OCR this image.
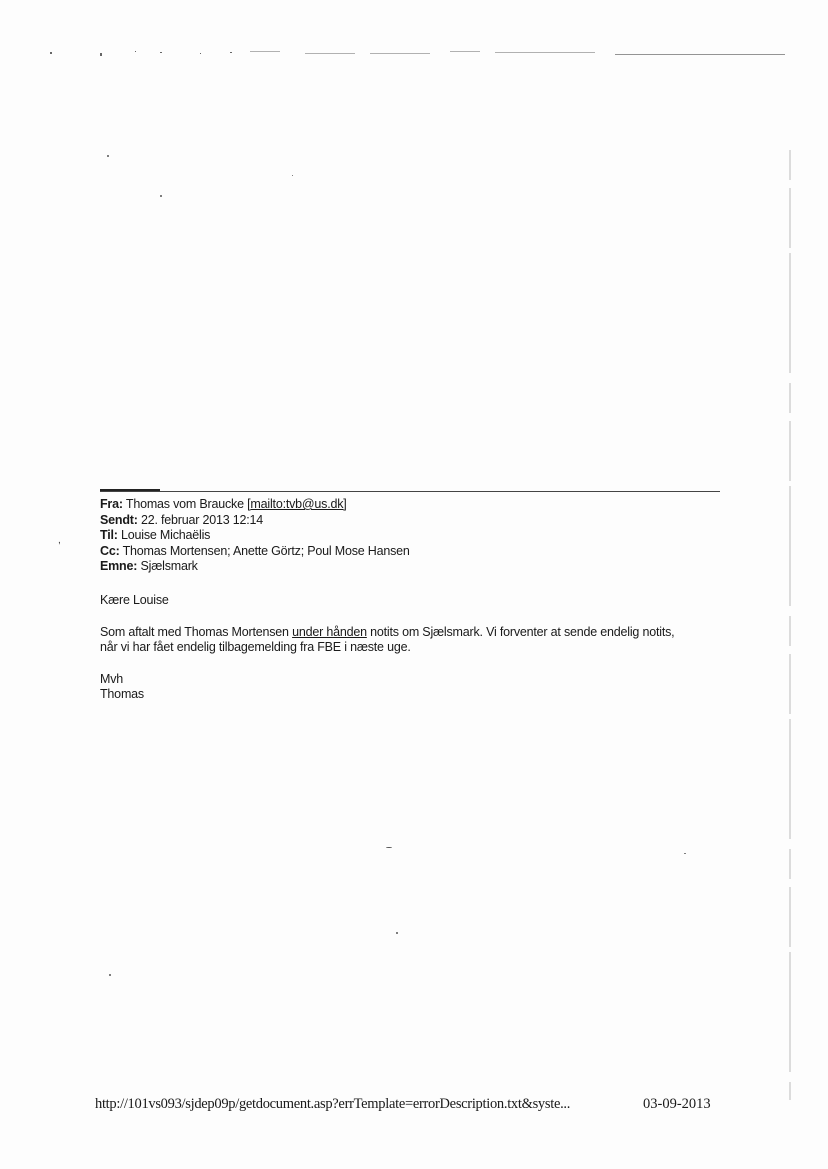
,
Fra: Thomas vom Braucke [mailto:tvb@us.dk]
Sendt: 22. februar 2013 12:14
Til: Louise Michaëlis
Cc: Thomas Mortensen; Anette Görtz; Poul Mose Hansen
Emne: Sjælsmark

Kære Louise

Som aftalt med Thomas Mortensen under hånden notits om Sjælsmark. Vi forventer at sende endelig notits,
når vi har fået endelig tilbagemelding fra FBE i næste uge.

Mvh
Thomas
http://101vs093/sjdep09p/getdocument.asp?errTemplate=errorDescription.txt&syste...	03-09-2013
